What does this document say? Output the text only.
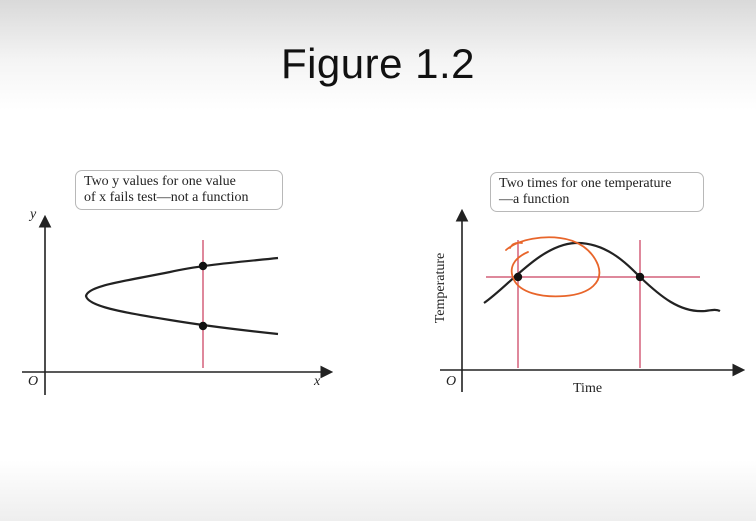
Figure 1.2
Two y values for one value
of x fails test—not a function
O	x
y
Two times for one temperature
—a function
O	Time
Temperature
